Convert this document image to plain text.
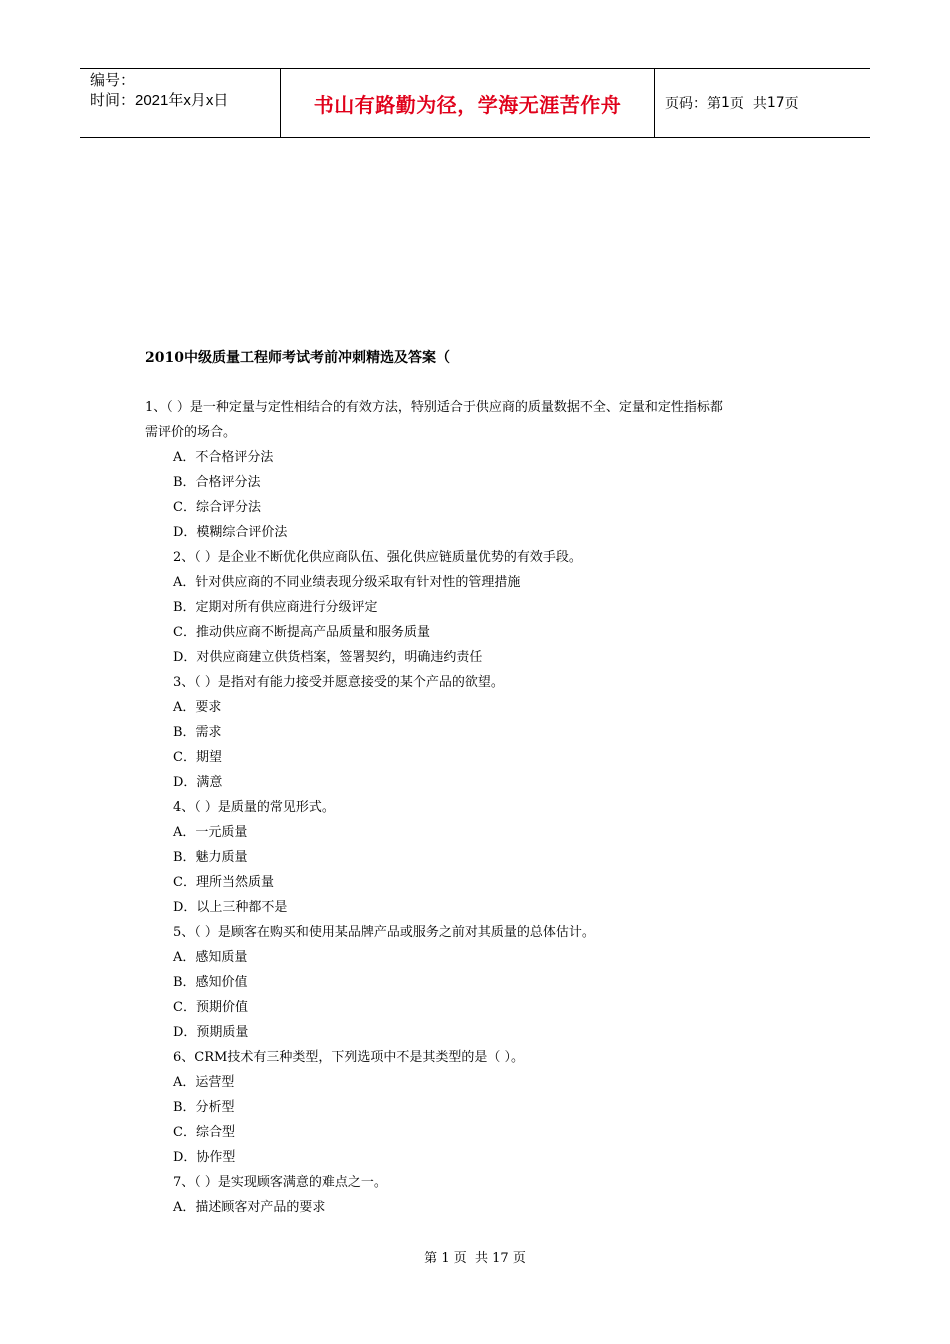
编号：
时间：2021年x月x日	书山有路勤为径，学海无涯苦作舟	页码：第 1 页  共 17 页
2010中级质量工程师考试考前冲刺精选及答案（
1、（ ）是一种定量与定性相结合的有效方法，特别适合于供应商的质量数据不全、定量和定性指标都
需评价的场合。
A．不合格评分法
B．合格评分法
C．综合评分法
D．模糊综合评价法
2、（ ）是企业不断优化供应商队伍、强化供应链质量优势的有效手段。
A．针对供应商的不同业绩表现分级采取有针对性的管理措施
B．定期对所有供应商进行分级评定
C．推动供应商不断提高产品质量和服务质量
D．对供应商建立供货档案，签署契约，明确违约责任
3、（ ）是指对有能力接受并愿意接受的某个产品的欲望。
A．要求
B．需求
C．期望
D．满意
4、（ ）是质量的常见形式。
A．一元质量
B．魅力质量
C．理所当然质量
D．以上三种都不是
5、（ ）是顾客在购买和使用某品牌产品或服务之前对其质量的总体估计。
A．感知质量
B．感知价值
C．预期价值
D．预期质量
6、CRM技术有三种类型，下列选项中不是其类型的是（ ）。
A．运营型
B．分析型
C．综合型
D．协作型
7、（ ）是实现顾客满意的难点之一。
A．描述顾客对产品的要求
第 1 页  共 17 页
